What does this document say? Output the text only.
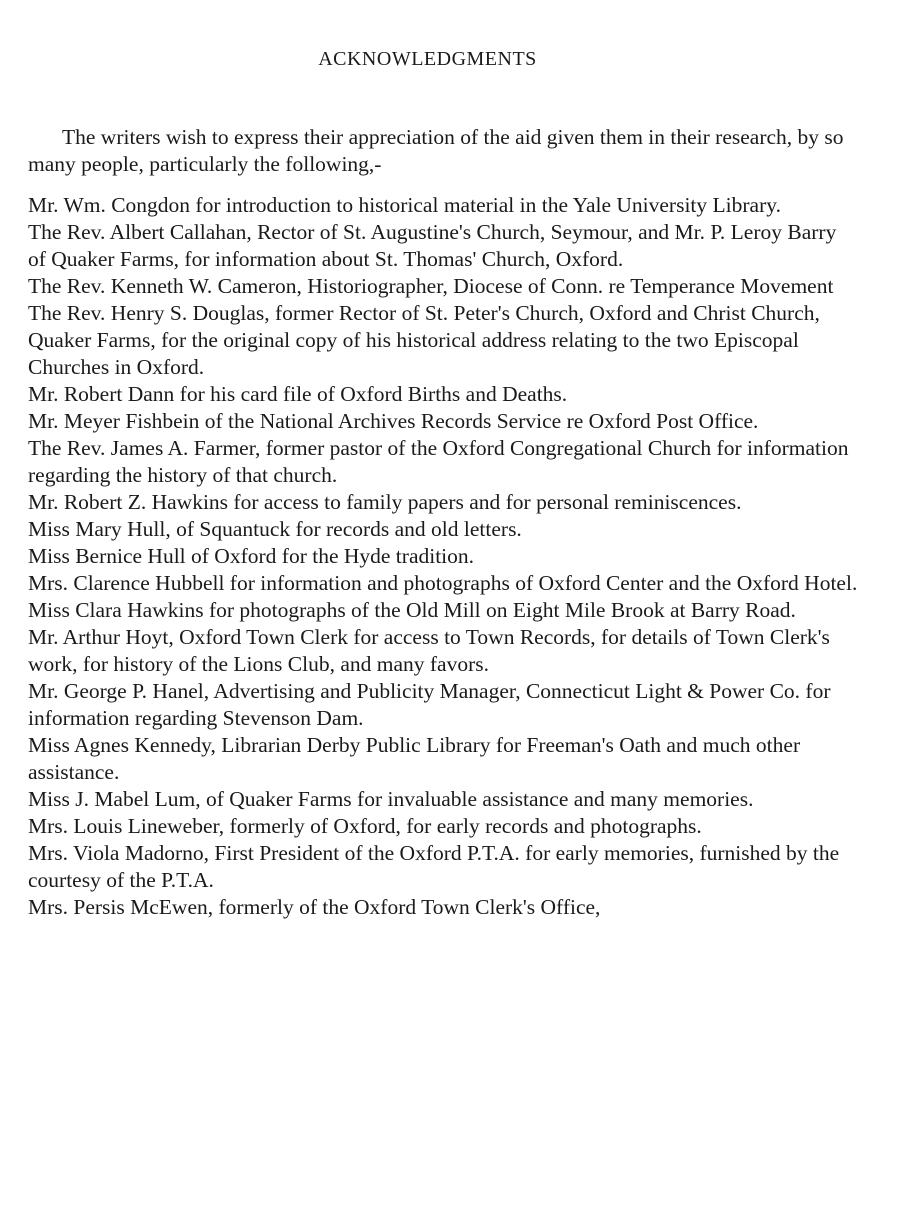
ACKNOWLEDGMENTS

The writers wish to express their appreciation of the aid given them in their research, by so many people, particularly the following,-

Mr. Wm. Congdon for introduction to historical material in the Yale University Library.
The Rev. Albert Callahan, Rector of St. Augustine's Church, Seymour, and Mr. P. Leroy Barry of Quaker Farms, for information about St. Thomas' Church, Oxford.
The Rev. Kenneth W. Cameron, Historiographer, Diocese of Conn. re Temperance Movement
The Rev. Henry S. Douglas, former Rector of St. Peter's Church, Oxford and Christ Church, Quaker Farms, for the original copy of his historical address relating to the two Episcopal Churches in Oxford.
Mr. Robert Dann for his card file of Oxford Births and Deaths.
Mr. Meyer Fishbein of the National Archives Records Service re Oxford Post Office.
The Rev. James A. Farmer, former pastor of the Oxford Congregational Church for information regarding the history of that church.
Mr. Robert Z. Hawkins for access to family papers and for personal reminiscences.
Miss Mary Hull, of Squantuck for records and old letters.
Miss Bernice Hull of Oxford for the Hyde tradition.
Mrs. Clarence Hubbell for information and photographs of Oxford Center and the Oxford Hotel.
Miss Clara Hawkins for photographs of the Old Mill on Eight Mile Brook at Barry Road.
Mr. Arthur Hoyt, Oxford Town Clerk for access to Town Records, for details of Town Clerk's work, for history of the Lions Club, and many favors.
Mr. George P. Hanel, Advertising and Publicity Manager, Connecticut Light & Power Co. for information regarding Stevenson Dam.
Miss Agnes Kennedy, Librarian Derby Public Library for Freeman's Oath and much other assistance.
Miss J. Mabel Lum, of Quaker Farms for invaluable assistance and many memories.
Mrs. Louis Lineweber, formerly of Oxford, for early records and photographs.
Mrs. Viola Madorno, First President of the Oxford P.T.A. for early memories, furnished by the courtesy of the P.T.A.
Mrs. Persis McEwen, formerly of the Oxford Town Clerk's Office,
